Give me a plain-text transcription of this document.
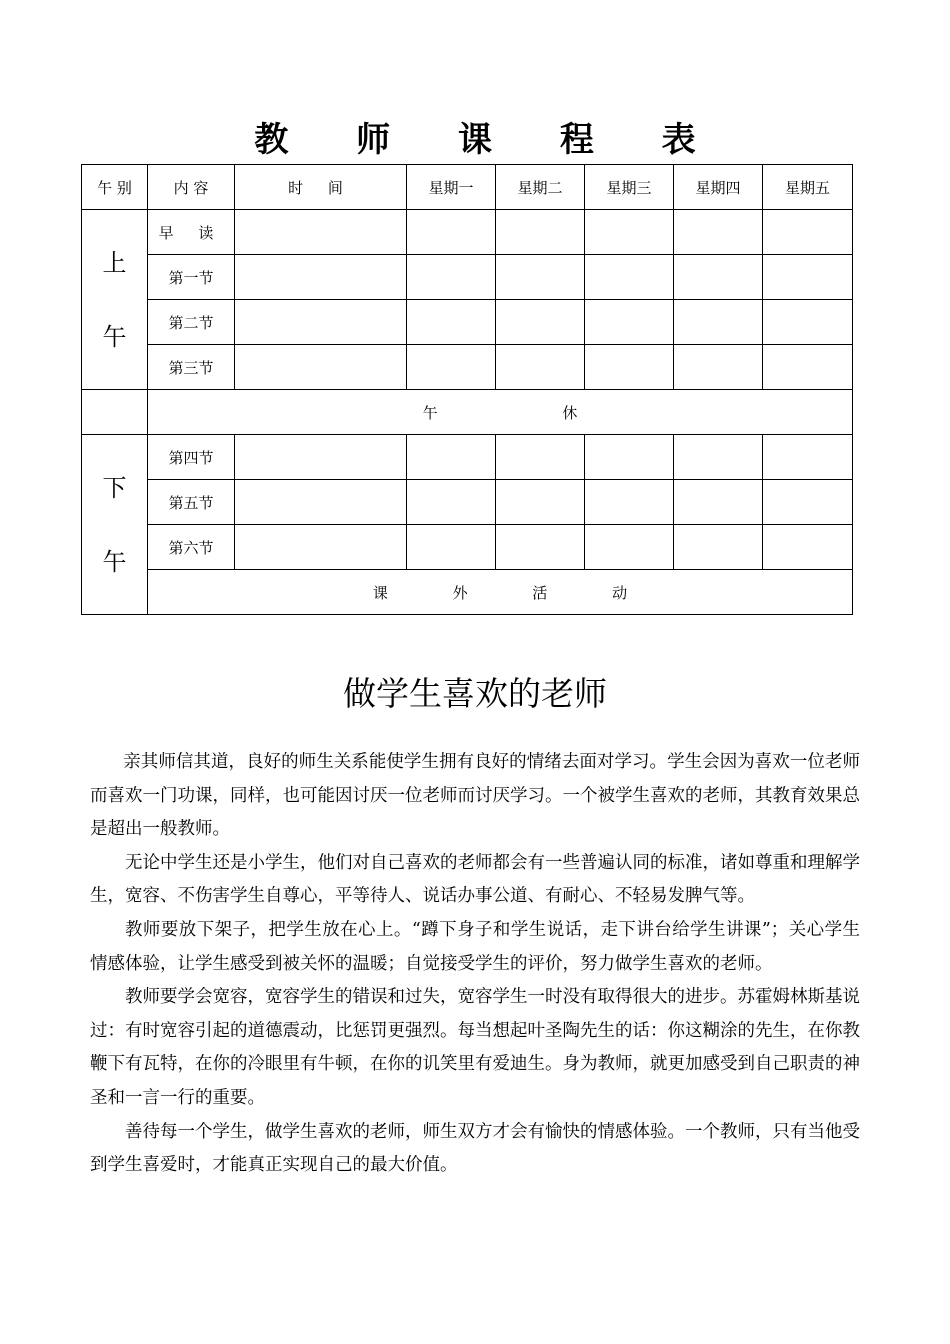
教 师 课 程 表
午 别	内 容	时 间	星期一	星期二	星期三	星期四	星期五

上
午	早 读						
	第一节						
	第二节						
	第三节						
	午 休						

下
午	第四节						
	第五节						
	第六节						
	课 外 活 动						
做学生喜欢的老师

亲其师信其道，良好的师生关系能使学生拥有良好的情绪去面对学习。学生会因为喜欢一位老师而喜欢一门功课，同样，也可能因讨厌一位老师而讨厌学习。一个被学生喜欢的老师，其教育效果总是超出一般教师。

无论中学生还是小学生，他们对自己喜欢的老师都会有一些普遍认同的标准，诸如尊重和理解学生，宽容、不伤害学生自尊心，平等待人、说话办事公道、有耐心、不轻易发脾气等。

教师要放下架子，把学生放在心上。“蹲下身子和学生说话，走下讲台给学生讲课”；关心学生情感体验，让学生感受到被关怀的温暖；自觉接受学生的评价，努力做学生喜欢的老师。

教师要学会宽容，宽容学生的错误和过失，宽容学生一时没有取得很大的进步。苏霍姆林斯基说过：有时宽容引起的道德震动，比惩罚更强烈。每当想起叶圣陶先生的话：你这糊涂的先生，在你教鞭下有瓦特，在你的冷眼里有牛顿，在你的讥笑里有爱迪生。身为教师，就更加感受到自己职责的神圣和一言一行的重要。

善待每一个学生，做学生喜欢的老师，师生双方才会有愉快的情感体验。一个教师，只有当他受到学生喜爱时，才能真正实现自己的最大价值。
